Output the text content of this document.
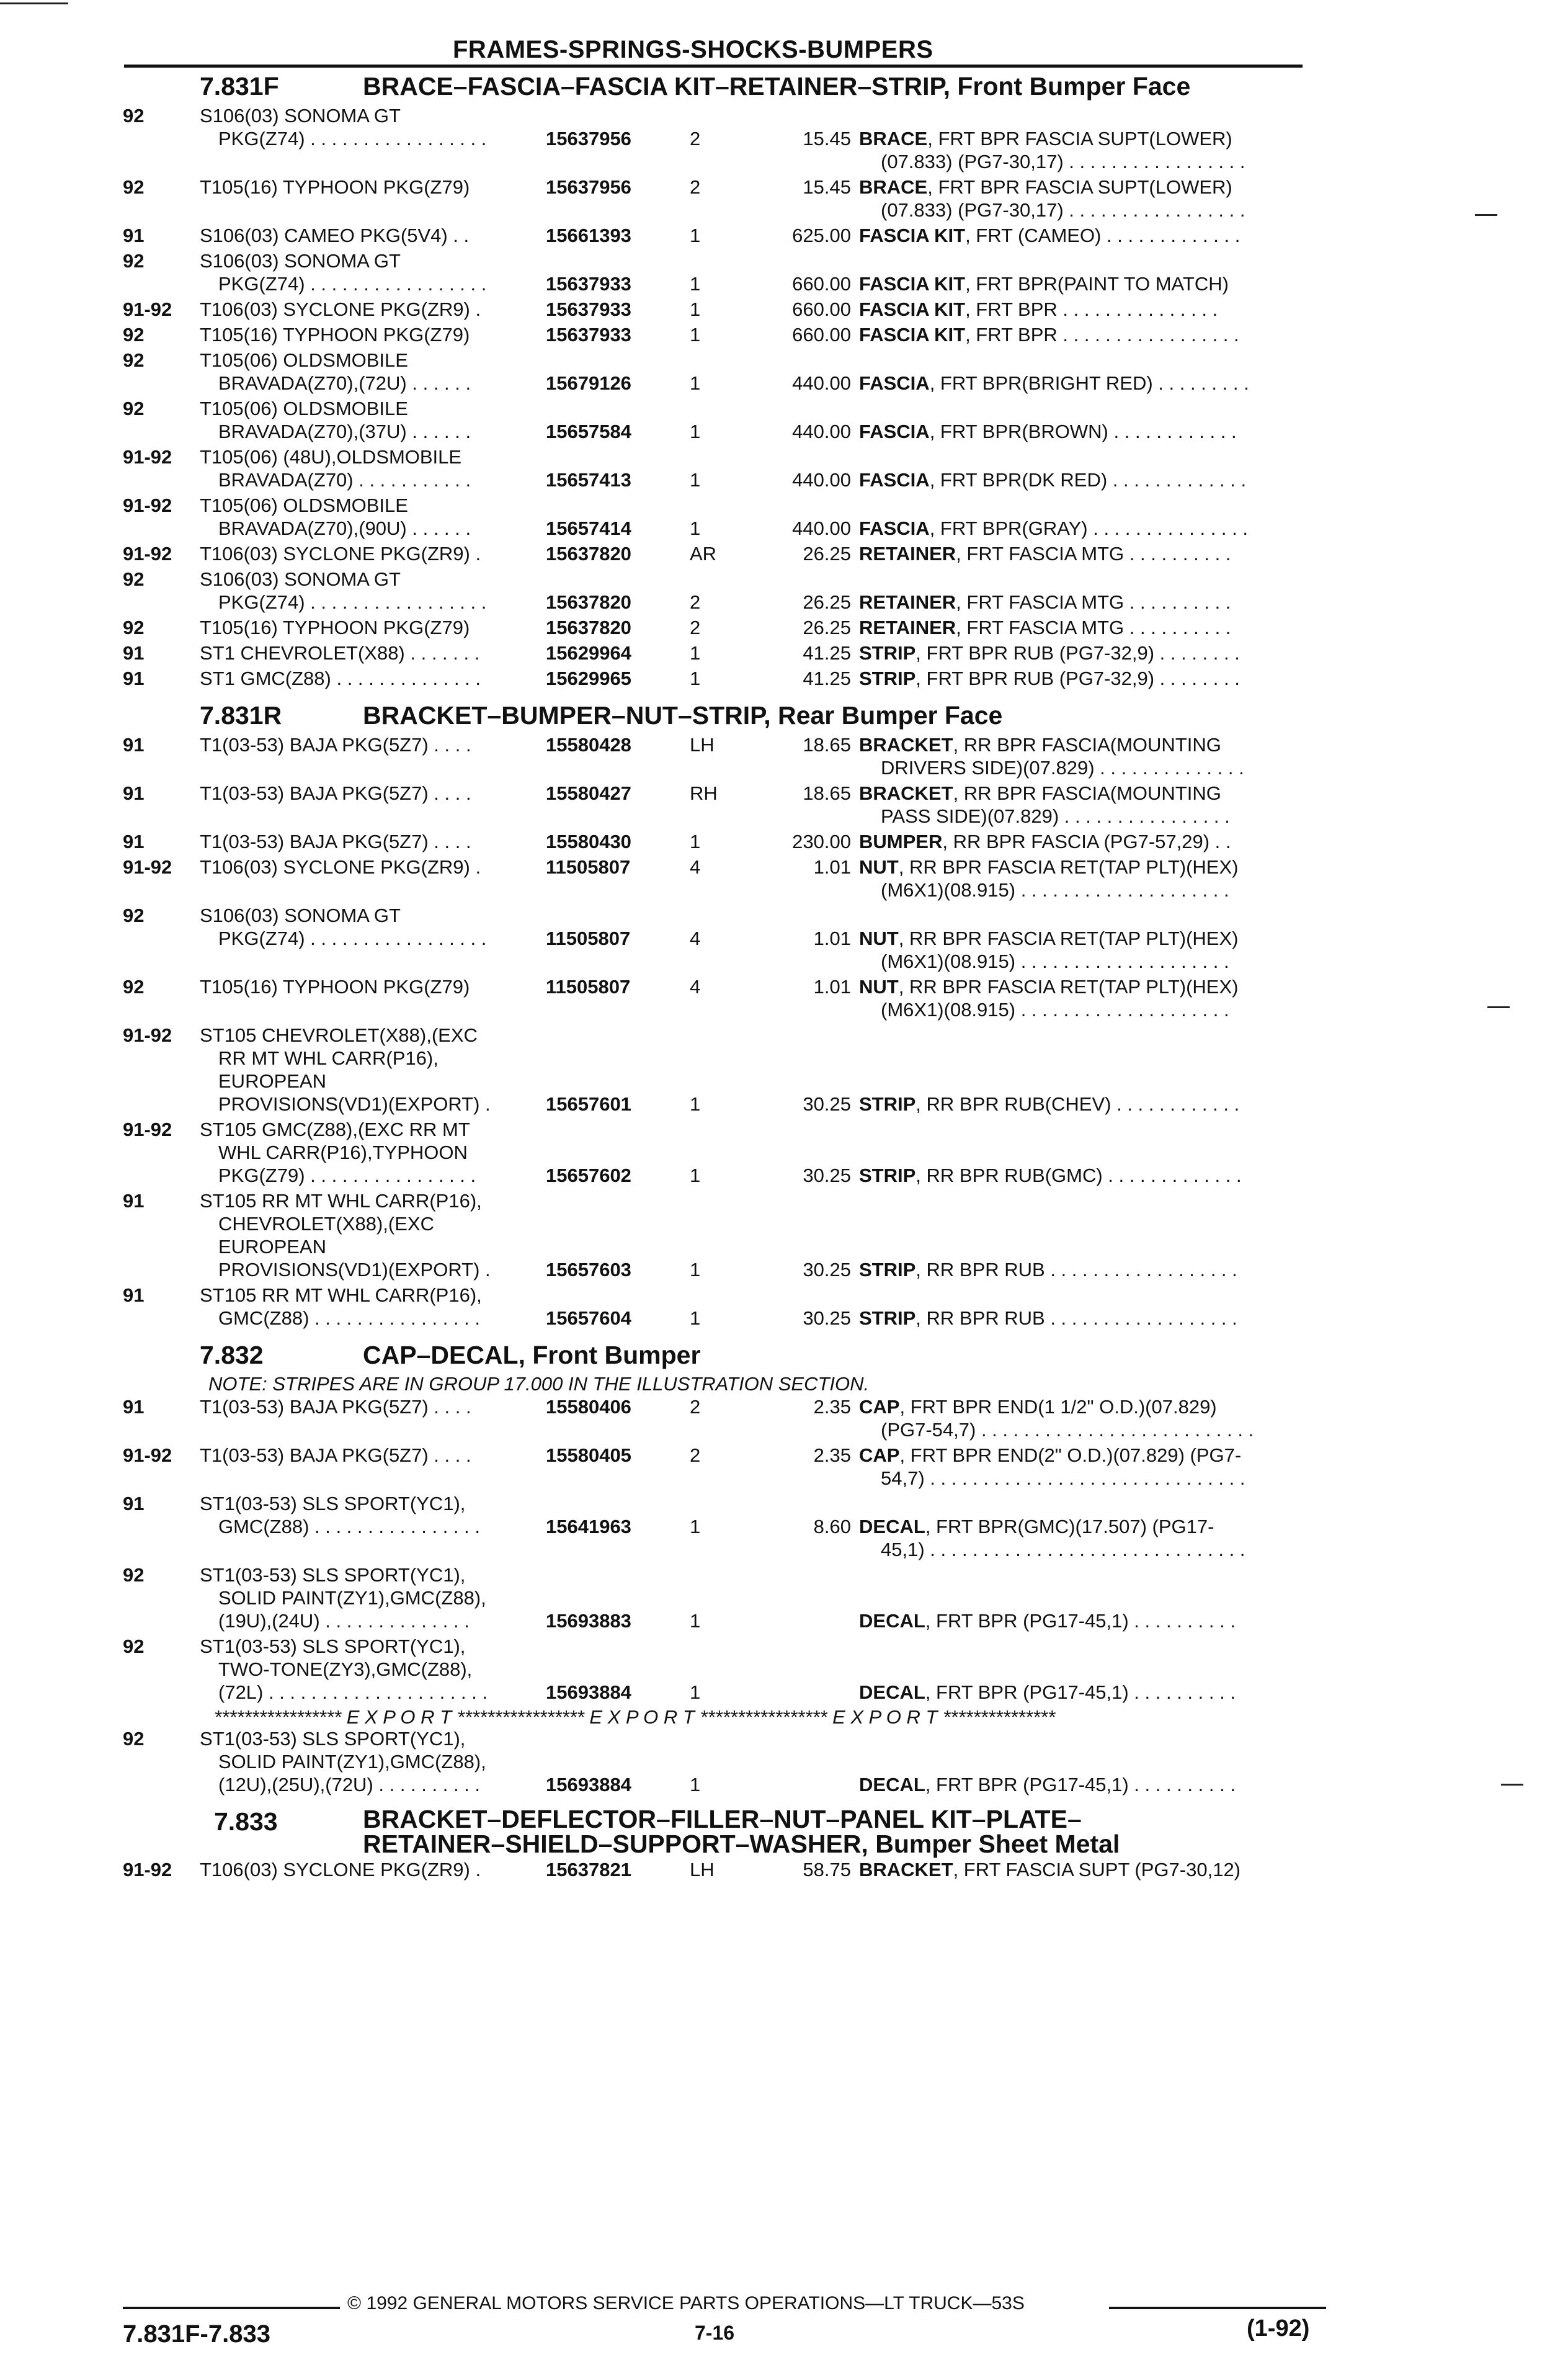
FRAMES-SPRINGS-SHOCKS-BUMPERS
7.831F	BRACE–FASCIA–FASCIA KIT–RETAINER–STRIP, Front Bumper Face
92	S106(03) SONOMA GT
PKG(Z74) . . . . . . . . . . . . . . . . .	15637956	2	15.45 BRACE, FRT BPR FASCIA SUPT(LOWER)
(07.833) (PG7-30,17) . . . . . . . . . . . . . . . . .
92	T105(16) TYPHOON PKG(Z79)	15637956	2	15.45 BRACE, FRT BPR FASCIA SUPT(LOWER)
(07.833) (PG7-30,17) . . . . . . . . . . . . . . . . .
91	S106(03) CAMEO PKG(5V4) . .	15661393	1	625.00 FASCIA KIT, FRT (CAMEO) . . . . . . . . . . . . .
92	S106(03) SONOMA GT
PKG(Z74) . . . . . . . . . . . . . . . . .	15637933	1	660.00 FASCIA KIT, FRT BPR(PAINT TO MATCH)
91-92 T106(03) SYCLONE PKG(ZR9) .	15637933	1	660.00 FASCIA KIT, FRT BPR . . . . . . . . . . . . . . .
92	T105(16) TYPHOON PKG(Z79)	15637933	1	660.00 FASCIA KIT, FRT BPR . . . . . . . . . . . . . . . . .
92	T105(06) OLDSMOBILE
BRAVADA(Z70),(72U) . . . . . .	15679126	1	440.00 FASCIA, FRT BPR(BRIGHT RED) . . . . . . . . .
92	T105(06) OLDSMOBILE
BRAVADA(Z70),(37U) . . . . . .	15657584	1	440.00 FASCIA, FRT BPR(BROWN) . . . . . . . . . . . .
91-92 T105(06) (48U),OLDSMOBILE
BRAVADA(Z70) . . . . . . . . . . .	15657413	1	440.00 FASCIA, FRT BPR(DK RED) . . . . . . . . . . . . .
91-92 T105(06) OLDSMOBILE
BRAVADA(Z70),(90U) . . . . . .	15657414	1	440.00 FASCIA, FRT BPR(GRAY) . . . . . . . . . . . . . . .
91-92 T106(03) SYCLONE PKG(ZR9) .	15637820	AR	26.25 RETAINER, FRT FASCIA MTG . . . . . . . . . .
92	S106(03) SONOMA GT
PKG(Z74) . . . . . . . . . . . . . . . . .	15637820	2	26.25 RETAINER, FRT FASCIA MTG . . . . . . . . . .
92	T105(16) TYPHOON PKG(Z79)	15637820	2	26.25 RETAINER, FRT FASCIA MTG . . . . . . . . . .
91	ST1 CHEVROLET(X88) . . . . . . .	15629964	1	41.25 STRIP, FRT BPR RUB (PG7-32,9) . . . . . . . .
91	ST1 GMC(Z88) . . . . . . . . . . . . . .	15629965	1	41.25 STRIP, FRT BPR RUB (PG7-32,9) . . . . . . . .
7.831R	BRACKET–BUMPER–NUT–STRIP, Rear Bumper Face
91	T1(03-53) BAJA PKG(5Z7) . . . .	15580428	LH	18.65 BRACKET, RR BPR FASCIA(MOUNTING
DRIVERS SIDE)(07.829) . . . . . . . . . . . . . .
91	T1(03-53) BAJA PKG(5Z7) . . . .	15580427	RH	18.65 BRACKET, RR BPR FASCIA(MOUNTING
PASS SIDE)(07.829) . . . . . . . . . . . . . . . .
91	T1(03-53) BAJA PKG(5Z7) . . . .	15580430	1	230.00 BUMPER, RR BPR FASCIA (PG7-57,29) . .
91-92 T106(03) SYCLONE PKG(ZR9) .	11505807	4	1.01 NUT, RR BPR FASCIA RET(TAP PLT)(HEX)
(M6X1)(08.915) . . . . . . . . . . . . . . . . . . . .
92	S106(03) SONOMA GT
PKG(Z74) . . . . . . . . . . . . . . . . .	11505807	4	1.01 NUT, RR BPR FASCIA RET(TAP PLT)(HEX)
(M6X1)(08.915) . . . . . . . . . . . . . . . . . . . .
92	T105(16) TYPHOON PKG(Z79)	11505807	4	1.01 NUT, RR BPR FASCIA RET(TAP PLT)(HEX)
(M6X1)(08.915) . . . . . . . . . . . . . . . . . . . .
91-92 ST105 CHEVROLET(X88),(EXC
RR MT WHL CARR(P16),
EUROPEAN
PROVISIONS(VD1)(EXPORT) .	15657601	1	30.25 STRIP, RR BPR RUB(CHEV) . . . . . . . . . . . .
91-92 ST105 GMC(Z88),(EXC RR MT
WHL CARR(P16),TYPHOON
PKG(Z79) . . . . . . . . . . . . . . . .	15657602	1	30.25 STRIP, RR BPR RUB(GMC) . . . . . . . . . . . . .
91	ST105 RR MT WHL CARR(P16),
CHEVROLET(X88),(EXC
EUROPEAN
PROVISIONS(VD1)(EXPORT) .	15657603	1	30.25 STRIP, RR BPR RUB . . . . . . . . . . . . . . . . . .
91	ST105 RR MT WHL CARR(P16),
GMC(Z88) . . . . . . . . . . . . . . . .	15657604	1	30.25 STRIP, RR BPR RUB . . . . . . . . . . . . . . . . . .
7.832	CAP–DECAL, Front Bumper
NOTE: STRIPES ARE IN GROUP 17.000 IN THE ILLUSTRATION SECTION.
91	T1(03-53) BAJA PKG(5Z7) . . . .	15580406	2	2.35 CAP, FRT BPR END(1 1/2" O.D.)(07.829)
(PG7-54,7) . . . . . . . . . . . . . . . . . . . . . . . . . .
91-92 T1(03-53) BAJA PKG(5Z7) . . . .	15580405	2	2.35 CAP, FRT BPR END(2" O.D.)(07.829) (PG7-
54,7) . . . . . . . . . . . . . . . . . . . . . . . . . . . . . .
91	ST1(03-53) SLS SPORT(YC1),
GMC(Z88) . . . . . . . . . . . . . . . .	15641963	1	8.60 DECAL, FRT BPR(GMC)(17.507) (PG17-
45,1) . . . . . . . . . . . . . . . . . . . . . . . . . . . . . .
92	ST1(03-53) SLS SPORT(YC1),
SOLID PAINT(ZY1),GMC(Z88),
(19U),(24U) . . . . . . . . . . . . . .	15693883	1	DECAL, FRT BPR (PG17-45,1) . . . . . . . . . .
92	ST1(03-53) SLS SPORT(YC1),
TWO-TONE(ZY3),GMC(Z88),
(72L) . . . . . . . . . . . . . . . . . . . . .	15693884	1	DECAL, FRT BPR (PG17-45,1) . . . . . . . . . .
***************** E X P O R T ***************** E X P O R T ***************** E X P O R T ***************
92	ST1(03-53) SLS SPORT(YC1),
SOLID PAINT(ZY1),GMC(Z88),
(12U),(25U),(72U) . . . . . . . . . .	15693884	1	DECAL, FRT BPR (PG17-45,1) . . . . . . . . . .
7.833	BRACKET–DEFLECTOR–FILLER–NUT–PANEL KIT–PLATE–
RETAINER–SHIELD–SUPPORT–WASHER, Bumper Sheet Metal
91-92 T106(03) SYCLONE PKG(ZR9) .	15637821	LH	58.75 BRACKET, FRT FASCIA SUPT (PG7-30,12)
© 1992 GENERAL MOTORS SERVICE PARTS OPERATIONS—LT TRUCK—53S
7.831F-7.833	7-16	(1-92)
